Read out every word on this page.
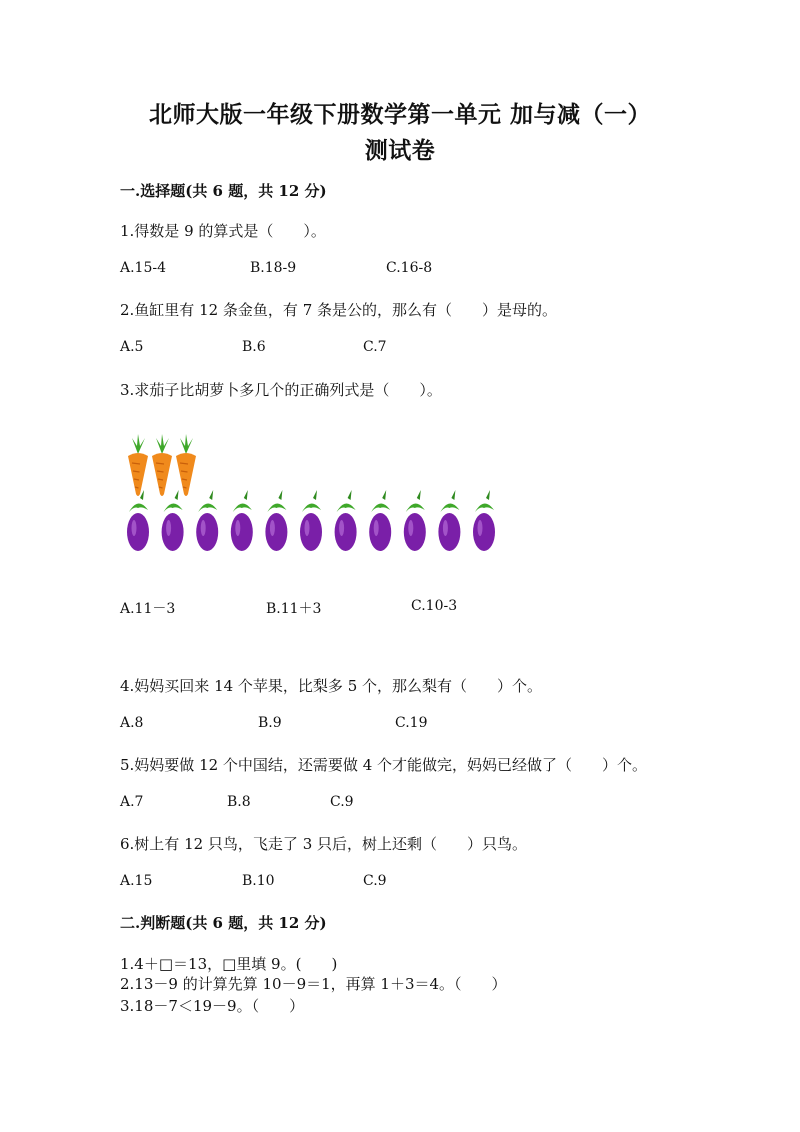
北师大版一年级下册数学第一单元 加与减（一）
测试卷
一.选择题(共 6 题，共 12 分)
1.得数是 9 的算式是（　　）。
A.15-4	B.18-9	C.16-8
2.鱼缸里有 12 条金鱼，有 7 条是公的，那么有（　　）是母的。
A.5	B.6	C.7
3.求茄子比胡萝卜多几个的正确列式是（　　）。
A.11－3	B.11＋3	C.10-3
4.妈妈买回来 14 个苹果，比梨多 5 个，那么梨有（　　）个。
A.8	B.9	C.19
5.妈妈要做 12 个中国结，还需要做 4 个才能做完，妈妈已经做了（　　）个。
A.7	B.8	C.9
6.树上有 12 只鸟，飞走了 3 只后，树上还剩（　　）只鸟。
A.15	B.10	C.9
二.判断题(共 6 题，共 12 分)
1.4＋□＝13，□里填 9。(　　)
2.13－9 的计算先算 10－9＝1，再算 1＋3＝4。（　　）
3.18－7＜19－9。（　　）
